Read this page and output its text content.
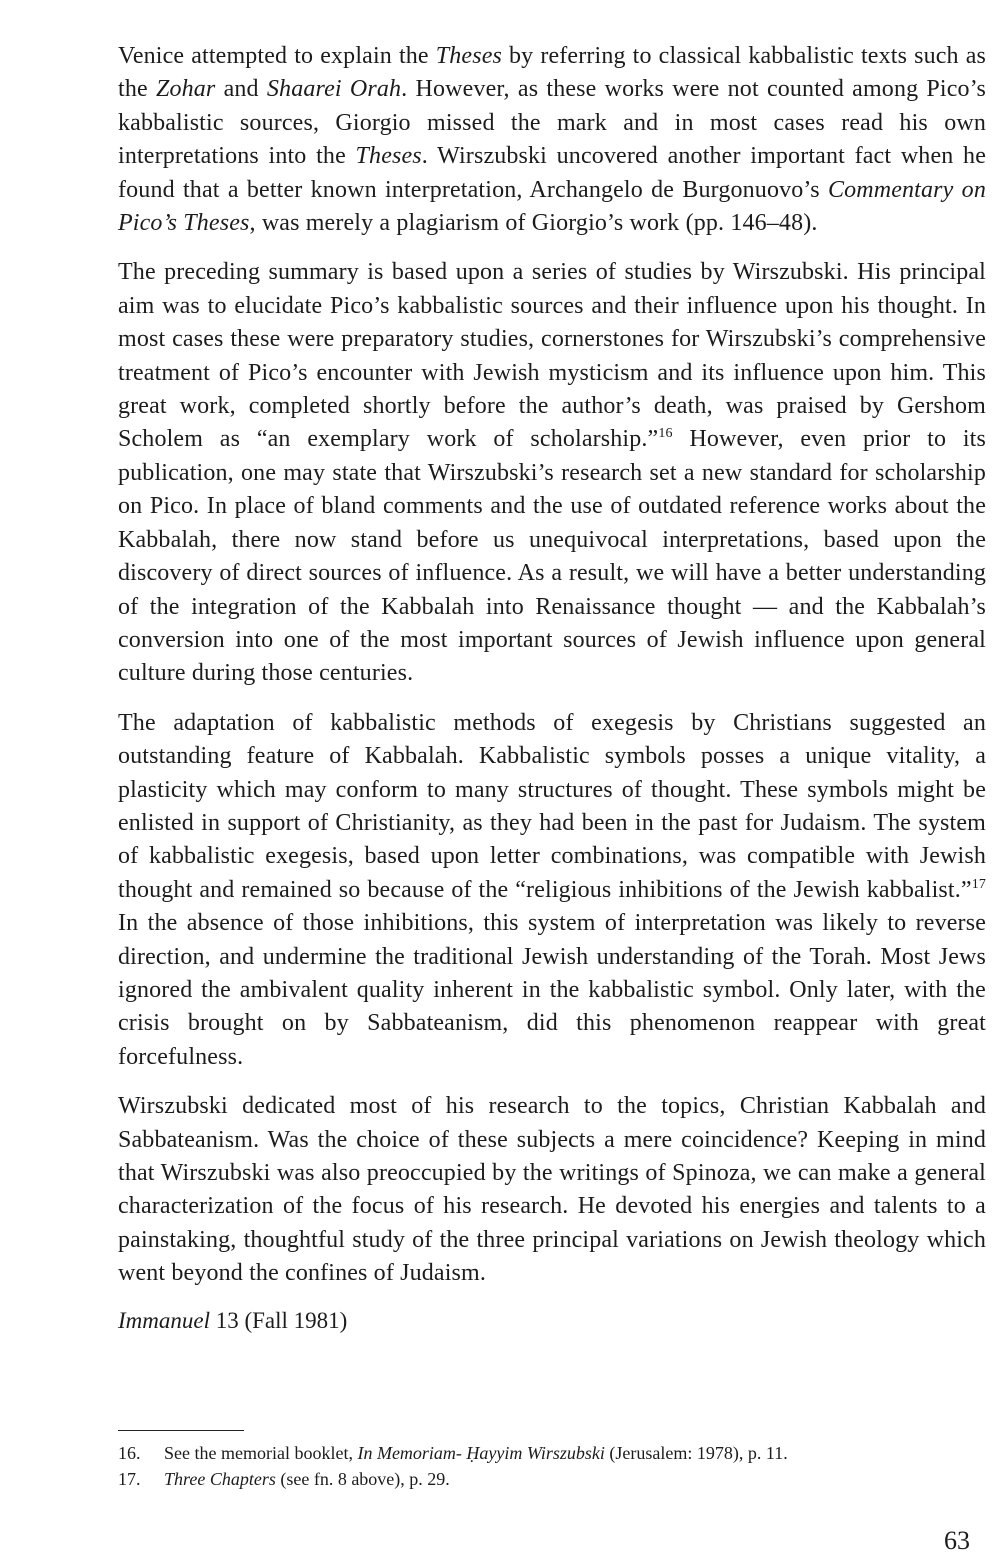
Venice attempted to explain the Theses by referring to classical kabbalistic texts such as the Zohar and Shaarei Orah. However, as these works were not counted among Pico’s kabbalistic sources, Giorgio missed the mark and in most cases read his own interpretations into the Theses. Wirszubski uncovered another important fact when he found that a better known interpretation, Archangelo de Burgonuovo’s Commentary on Pico’s Theses, was merely a plagiarism of Giorgio’s work (pp. 146–48).

The preceding summary is based upon a series of studies by Wirszubski. His principal aim was to elucidate Pico’s kabbalistic sources and their influence upon his thought. In most cases these were preparatory studies, cornerstones for Wirszubski’s comprehensive treatment of Pico’s encounter with Jewish mysticism and its influence upon him. This great work, completed shortly before the author’s death, was praised by Gershom Scholem as “an exemplary work of scholarship.”$^{16}$ However, even prior to its publication, one may state that Wirszubski’s research set a new standard for scholarship on Pico. In place of bland comments and the use of outdated reference works about the Kabbalah, there now stand before us unequivocal interpretations, based upon the discovery of direct sources of influence. As a result, we will have a better understanding of the integration of the Kabbalah into Renaissance thought — and the Kabbalah’s conversion into one of the most important sources of Jewish influence upon general culture during those centuries.

The adaptation of kabbalistic methods of exegesis by Christians suggested an outstanding feature of Kabbalah. Kabbalistic symbols posses a unique vitality, a plasticity which may conform to many structures of thought. These symbols might be enlisted in support of Christianity, as they had been in the past for Judaism. The system of kabbalistic exegesis, based upon letter combinations, was compatible with Jewish thought and remained so because of the “religious inhibitions of the Jewish kabbalist.”$^{17}$ In the absence of those inhibitions, this system of interpretation was likely to reverse direction, and undermine the traditional Jewish understanding of the Torah. Most Jews ignored the ambivalent quality inherent in the kabbalistic symbol. Only later, with the crisis brought on by Sabbateanism, did this phenomenon reappear with great forcefulness.

Wirszubski dedicated most of his research to the topics, Christian Kabbalah and Sabbateanism. Was the choice of these subjects a mere coincidence? Keeping in mind that Wirszubski was also preoccupied by the writings of Spinoza, we can make a general characterization of the focus of his research. He devoted his energies and talents to a painstaking, thoughtful study of the three principal variations on Jewish theology which went beyond the confines of Judaism.

Immanuel 13 (Fall 1981)

16.	See the memorial booklet, In Memoriam- Ḥayyim Wirszubski (Jerusalem: 1978), p. 11.
17.	Three Chapters (see fn. 8 above), p. 29.
63
